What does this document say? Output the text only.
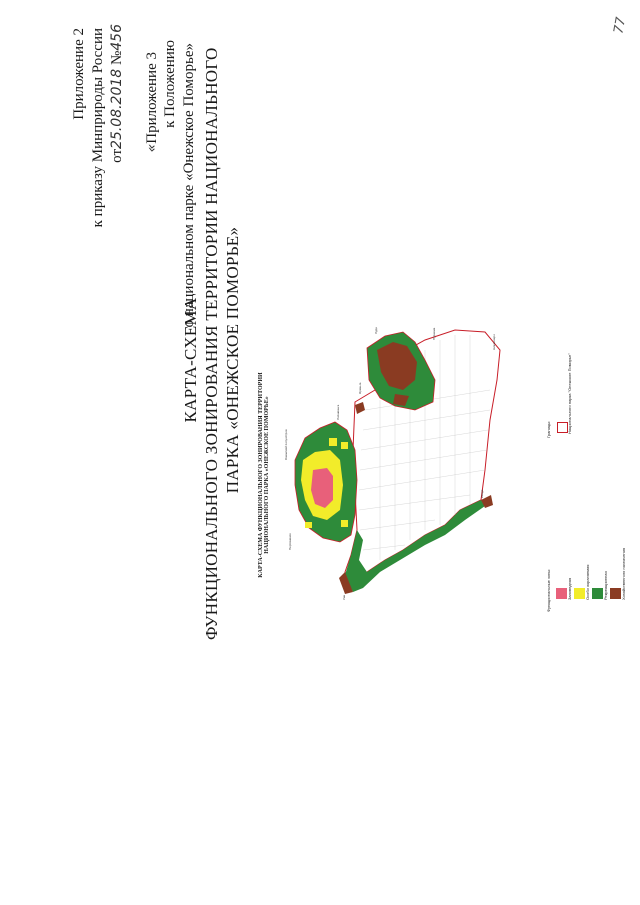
77
Приложение 2 к приказу Минприроды России от25.08.2018 №456
«Приложение 3 к Положению о национальном парке «Онежское Поморье»
КАРТА-СХЕМА ФУНКЦИОНАЛЬНОГО ЗОНИРОВАНИЯ ТЕРРИТОРИИ НАЦИОНАЛЬНОГО ПАРКА «ОНЕЖСКОЕ ПОМОРЬЕ»	КАРТА-СХЕМА ФУНКЦИОНАЛЬНОГО ЗОНИРОВАНИЯ ТЕРРИТОРИИ НАЦИОНАЛЬНОГО ПАРКА «ОНЕЖСКОЕ ПОМОРЬЕ»	Онежский полуостров
Пертоминск
Лопшеньга
Яреньга
Луда
Кянда
Уна
Пурнема
Нижмозеро
Функциональные зоны:	Заповедная	Особо охраняемая	Рекреационная	Хозяйственного назначения
Границы:	Национального парка "Онежское Поморье"
